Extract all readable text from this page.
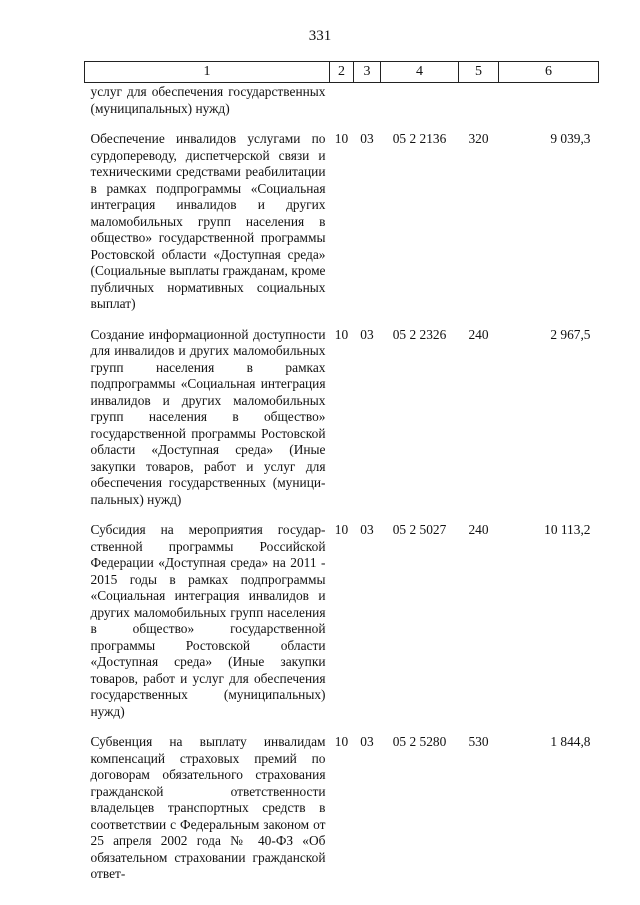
331
1	2	3	4	5	6
услуг для обеспечения государственных (муниципальных) нужд)					
Обеспечение инвалидов услугами по сурдопереводу, диспетчерской связи и техническими средствами реабилитации в рамках подпрограммы «Социальная интеграция инвалидов и других маломобильных групп населения в общество» государственной программы Ростовской области «Доступная среда» (Социальные выплаты гражданам, кроме публичных нормативных социальных выплат)	10	03	05 2 2136	320	9 039,3
Создание информационной доступности для инвалидов и других маломобильных групп населения в рамках подпрограммы «Социальная интеграция инвалидов и других маломобильных групп населения в общество» государственной программы Ростовской области «Доступная среда» (Иные закупки товаров, работ и услуг для обеспечения государственных (муниципальных) нужд)	10	03	05 2 2326	240	2 967,5
Субсидия на мероприятия государственной программы Российской Федерации «Доступная среда» на 2011 - 2015 годы в рамках подпрограммы «Социальная интеграция инвалидов и других маломобильных групп населения в общество» государственной программы Ростовской области «Доступная среда» (Иные закупки товаров, работ и услуг для обеспечения государственных (муниципальных) нужд)	10	03	05 2 5027	240	10 113,2
Субвенция на выплату инвалидам компенсаций страховых премий по договорам обязательного страхования гражданской ответственности владельцев транспортных средств в соответствии с Федеральным законом от 25 апреля 2002 года № 40-ФЗ «Об обязательном страховании гражданской ответ-	10	03	05 2 5280	530	1 844,8
